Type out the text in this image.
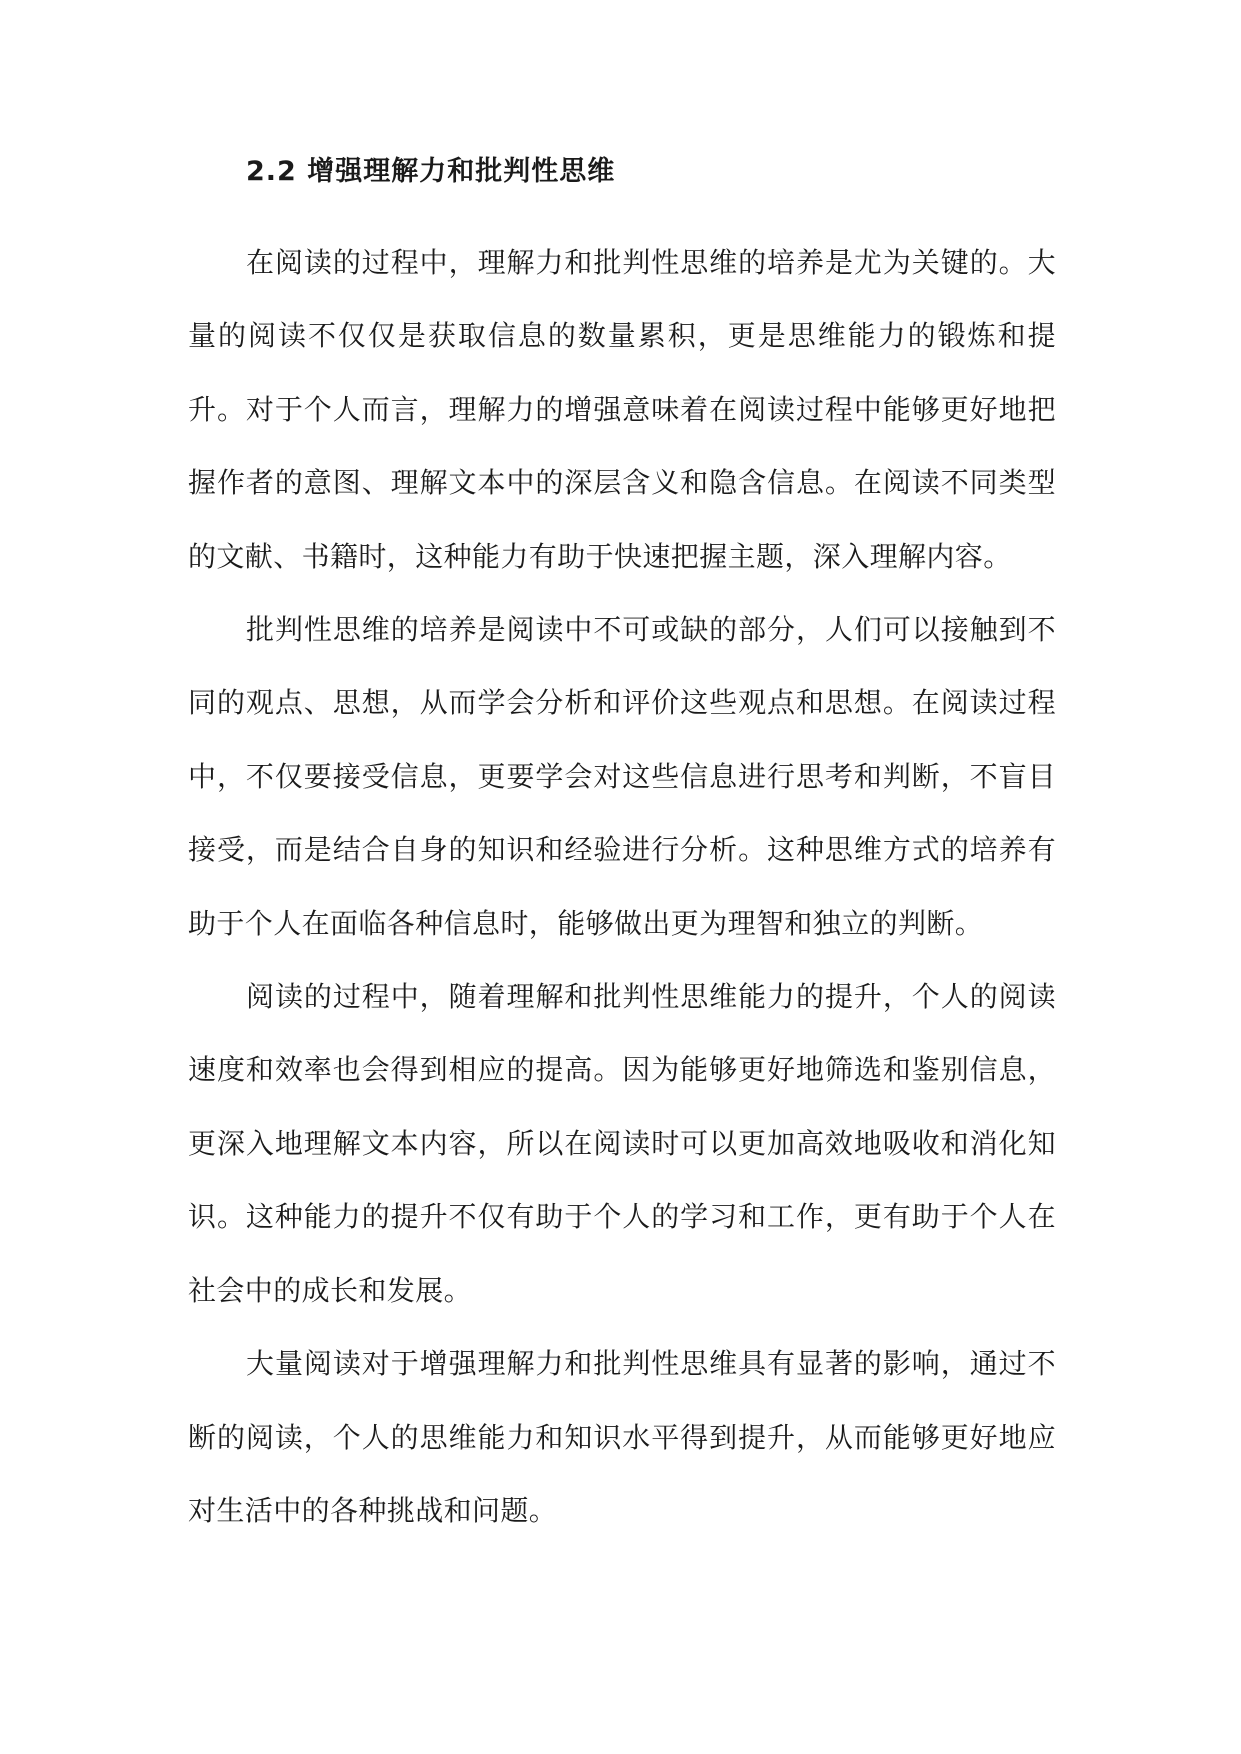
2.2 增强理解力和批判性思维

在阅读的过程中，理解力和批判性思维的培养是尤为关键的。大量的阅读不仅仅是获取信息的数量累积，更是思维能力的锻炼和提升。对于个人而言，理解力的增强意味着在阅读过程中能够更好地把握作者的意图、理解文本中的深层含义和隐含信息。在阅读不同类型的文献、书籍时，这种能力有助于快速把握主题，深入理解内容。

批判性思维的培养是阅读中不可或缺的部分，人们可以接触到不同的观点、思想，从而学会分析和评价这些观点和思想。在阅读过程中，不仅要接受信息，更要学会对这些信息进行思考和判断，不盲目接受，而是结合自身的知识和经验进行分析。这种思维方式的培养有助于个人在面临各种信息时，能够做出更为理智和独立的判断。

阅读的过程中，随着理解和批判性思维能力的提升，个人的阅读速度和效率也会得到相应的提高。因为能够更好地筛选和鉴别信息，更深入地理解文本内容，所以在阅读时可以更加高效地吸收和消化知识。这种能力的提升不仅有助于个人的学习和工作，更有助于个人在社会中的成长和发展。

大量阅读对于增强理解力和批判性思维具有显著的影响，通过不断的阅读，个人的思维能力和知识水平得到提升，从而能够更好地应对生活中的各种挑战和问题。
